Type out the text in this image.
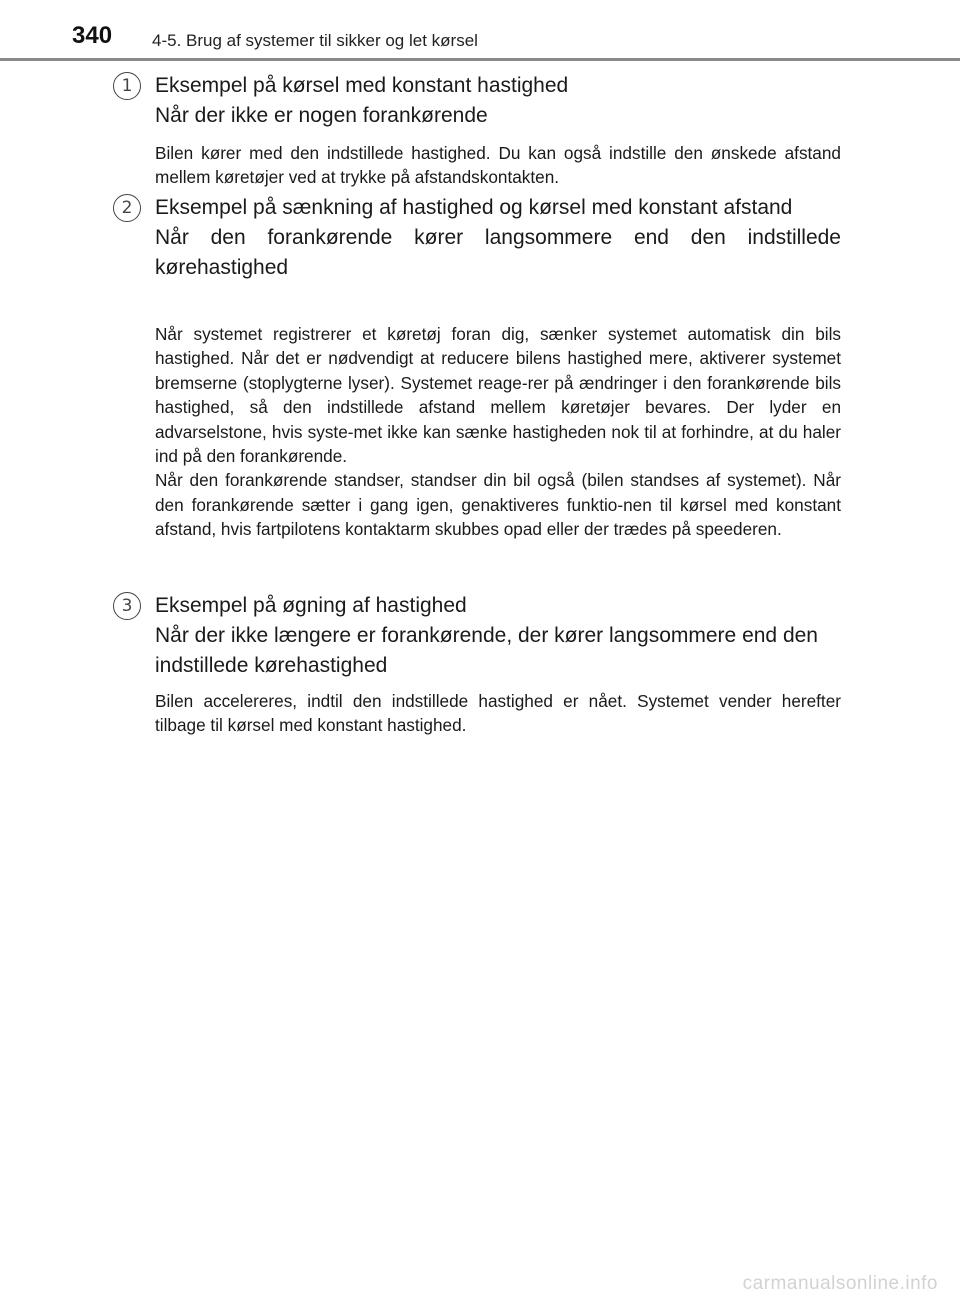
340 4-5. Brug af systemer til sikker og let kørsel
1	Eksempel på kørsel med konstant hastighed
Når der ikke er nogen forankørende

Bilen kører med den indstillede hastighed. Du kan også indstille den ønskede afstand mellem køretøjer ved at trykke på afstandskontakten.

2	Eksempel på sænkning af hastighed og kørsel med konstant afstand
Når den forankørende kører langsommere end den indstillede kørehastighed

Når systemet registrerer et køretøj foran dig, sænker systemet automatisk din bils hastighed. Når det er nødvendigt at reducere bilens hastighed mere, aktiverer systemet bremserne (stoplygterne lyser). Systemet reage-rer på ændringer i den forankørende bils hastighed, så den indstillede afstand mellem køretøjer bevares. Der lyder en advarselstone, hvis syste-met ikke kan sænke hastigheden nok til at forhindre, at du haler ind på den forankørende.

Når den forankørende standser, standser din bil også (bilen standses af systemet). Når den forankørende sætter i gang igen, genaktiveres funktio-nen til kørsel med konstant afstand, hvis fartpilotens kontaktarm skubbes opad eller der trædes på speederen.

3	Eksempel på øgning af hastighed
Når der ikke længere er forankørende, der kører langsommere end den indstillede kørehastighed

Bilen accelereres, indtil den indstillede hastighed er nået. Systemet vender herefter tilbage til kørsel med konstant hastighed.

carmanualsonline.info
